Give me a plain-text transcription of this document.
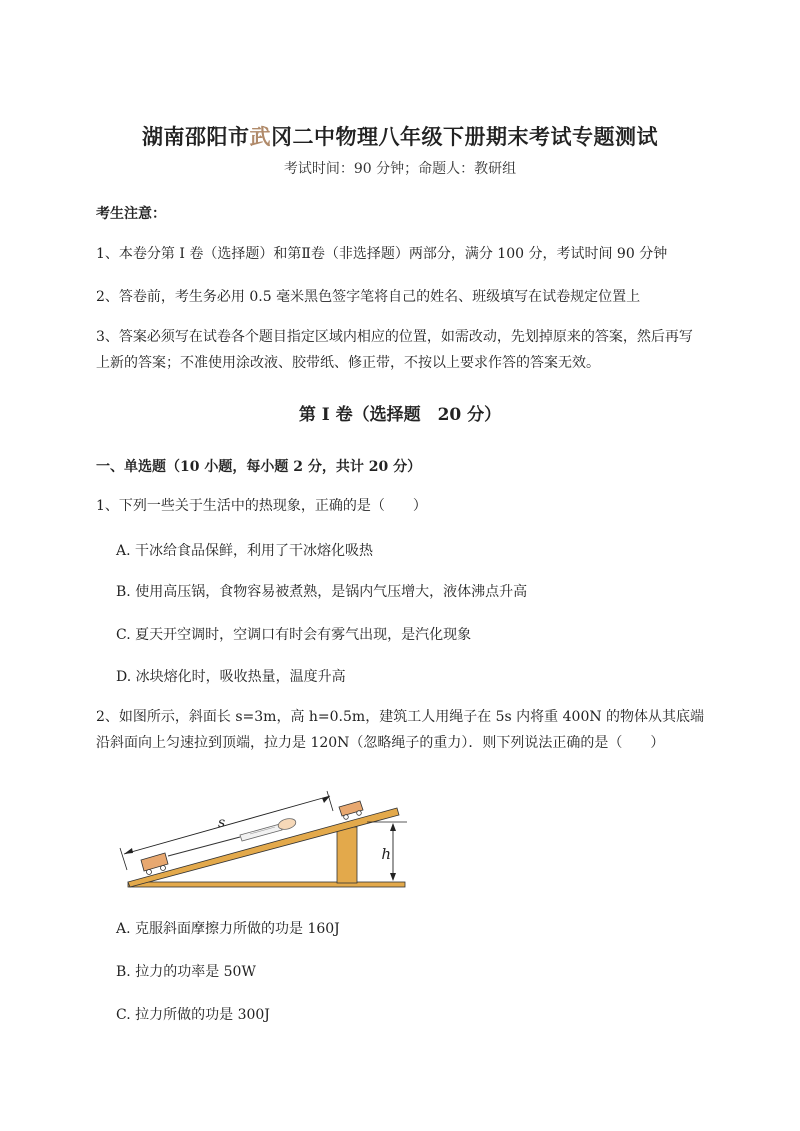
湖南邵阳市武冈二中物理八年级下册期末考试专题测试
考试时间：90 分钟；命题人：教研组
考生注意：
1、本卷分第 I 卷（选择题）和第Ⅱ卷（非选择题）两部分，满分 100 分，考试时间 90 分钟
2、答卷前，考生务必用 0.5 毫米黑色签字笔将自己的姓名、班级填写在试卷规定位置上
3、答案必须写在试卷各个题目指定区域内相应的位置，如需改动，先划掉原来的答案，然后再写上新的答案；不准使用涂改液、胶带纸、修正带，不按以上要求作答的答案无效。
第 I 卷（选择题　20 分）
一、单选题（10 小题，每小题 2 分，共计 20 分）
1、下列一些关于生活中的热现象，正确的是（　　）
A. 干冰给食品保鲜，利用了干冰熔化吸热
B. 使用高压锅，食物容易被煮熟，是锅内气压增大，液体沸点升高
C. 夏天开空调时，空调口有时会有雾气出现，是汽化现象
D. 冰块熔化时，吸收热量，温度升高
2、如图所示，斜面长 s=3m，高 h=0.5m，建筑工人用绳子在 5s 内将重 400N 的物体从其底端沿斜面向上匀速拉到顶端，拉力是 120N（忽略绳子的重力）．则下列说法正确的是（　　）
s
h
A. 克服斜面摩擦力所做的功是 160J
B. 拉力的功率是 50W
C. 拉力所做的功是 300J
